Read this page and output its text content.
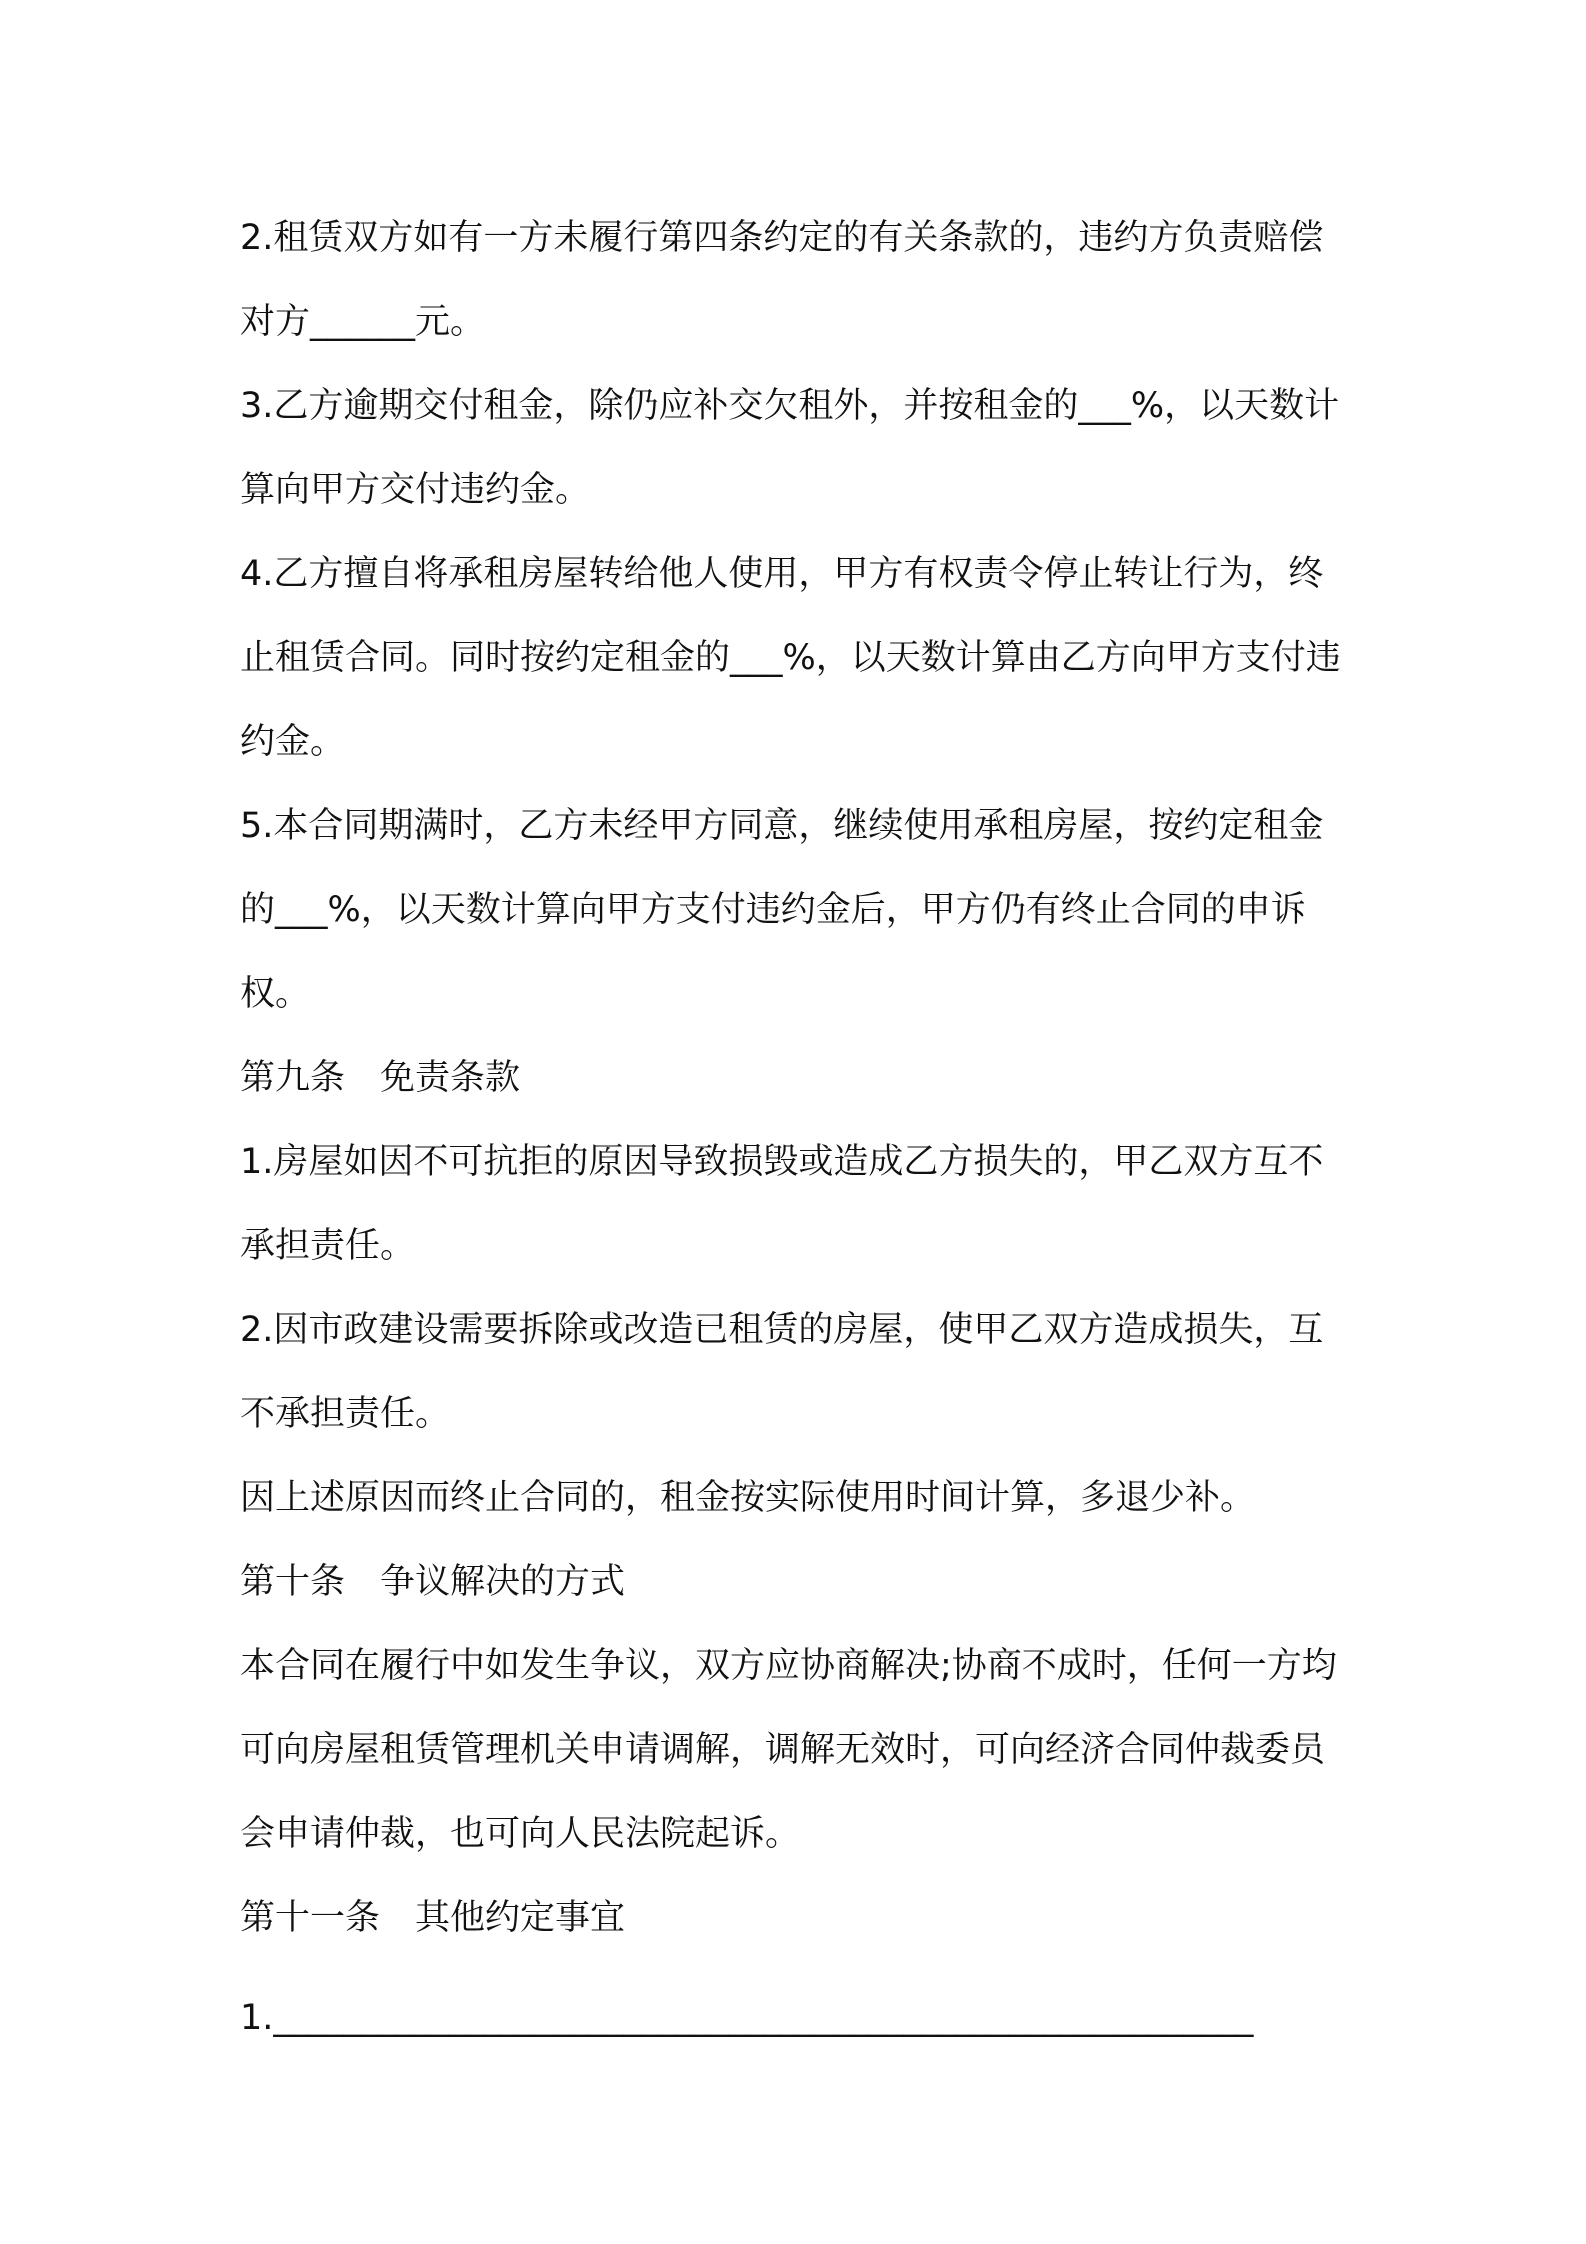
2.租赁双方如有一方未履行第四条约定的有关条款的，违约方负责赔偿对方______元。

3.乙方逾期交付租金，除仍应补交欠租外，并按租金的___%，以天数计算向甲方交付违约金。

4.乙方擅自将承租房屋转给他人使用，甲方有权责令停止转让行为，终止租赁合同。同时按约定租金的___%，以天数计算由乙方向甲方支付违约金。

5.本合同期满时，乙方未经甲方同意，继续使用承租房屋，按约定租金的___%，以天数计算向甲方支付违约金后，甲方仍有终止合同的申诉权。

第九条　免责条款

1.房屋如因不可抗拒的原因导致损毁或造成乙方损失的，甲乙双方互不承担责任。

2.因市政建设需要拆除或改造已租赁的房屋，使甲乙双方造成损失，互不承担责任。

因上述原因而终止合同的，租金按实际使用时间计算，多退少补。

第十条　争议解决的方式

本合同在履行中如发生争议，双方应协商解决;协商不成时，任何一方均可向房屋租赁管理机关申请调解，调解无效时，可向经济合同仲裁委员会申请仲裁，也可向人民法院起诉。

第十一条　其他约定事宜

1.________________________________________________________
